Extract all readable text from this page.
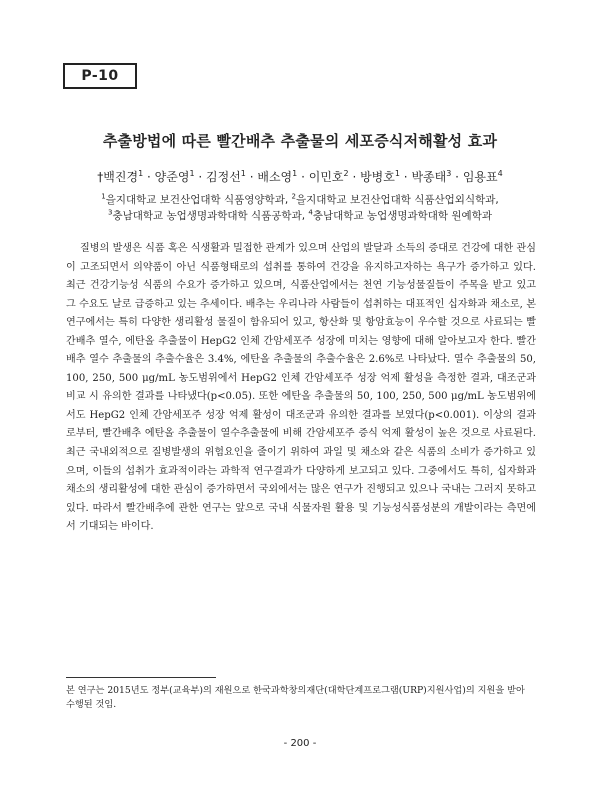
P-10
추출방법에 따른 빨간배추 추출물의 세포증식저해활성 효과
†백진경$^1$ · 양준영$^1$ · 김정선$^1$ · 배소영$^1$ · 이민호$^2$ · 방병호$^1$ · 박종태$^3$ · 임용표$^4$
$^1$을지대학교 보건산업대학 식품영양학과, $^2$을지대학교 보건산업대학 식품산업외식학과,
$^3$충남대학교 농업생명과학대학 식품공학과, $^4$충남대학교 농업생명과학대학 원예학과

질병의 발생은 식품 혹은 식생활과 밀접한 관계가 있으며 산업의 발달과 소득의 증대로 건강에 대한 관심이 고조되면서 의약품이 아닌 식품형태로의 섭취를 통하여 건강을 유지하고자하는 욕구가 증가하고 있다. 최근 건강기능성 식품의 수요가 증가하고 있으며, 식품산업에서는 천연 기능성물질들이 주목을 받고 있고 그 수요도 날로 급증하고 있는 추세이다. 배추는 우리나라 사람들이 섭취하는 대표적인 십자화과 채소로, 본 연구에서는 특히 다양한 생리활성 물질이 함유되어 있고, 항산화 및 항암효능이 우수할 것으로 사료되는 빨간배추 열수, 에탄올 추출물이 HepG2 인체 간암세포주 성장에 미치는 영향에 대해 알아보고자 한다. 빨간배추 열수 추출물의 추출수율은 3.4%, 에탄올 추출물의 추출수율은 2.6%로 나타났다. 열수 추출물의 50, 100, 250, 500 μg/mL 농도범위에서 HepG2 인체 간암세포주 성장 억제 활성을 측정한 결과, 대조군과 비교 시 유의한 결과를 나타냈다(p<0.05). 또한 에탄올 추출물의 50, 100, 250, 500 μg/mL 농도범위에서도 HepG2 인체 간암세포주 성장 억제 활성이 대조군과 유의한 결과를 보였다(p<0.001). 이상의 결과로부터, 빨간배추 에탄올 추출물이 열수추출물에 비해 간암세포주 증식 억제 활성이 높은 것으로 사료된다. 최근 국내외적으로 질병발생의 위험요인을 줄이기 위하여 과일 및 채소와 같은 식품의 소비가 증가하고 있으며, 이들의 섭취가 효과적이라는 과학적 연구결과가 다양하게 보고되고 있다. 그중에서도 특히, 십자화과 채소의 생리활성에 대한 관심이 증가하면서 국외에서는 많은 연구가 진행되고 있으나 국내는 그러지 못하고 있다. 따라서 빨간배추에 관한 연구는 앞으로 국내 식물자원 활용 및 기능성식품성분의 개발이라는 측면에서 기대되는 바이다.

본 연구는 2015년도 정부(교육부)의 재원으로 한국과학창의재단(대학단계프로그램(URP)지원사업)의 지원을 받아 수행된 것임.

- 200 -
